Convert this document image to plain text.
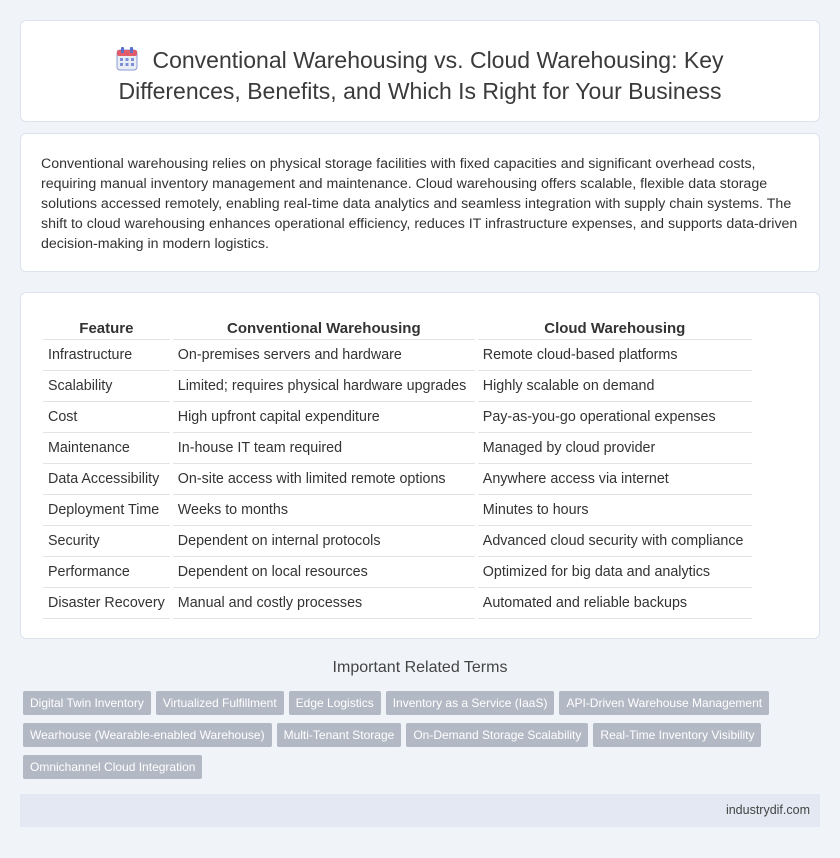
Conventional Warehousing vs. Cloud Warehousing: Key
Differences, Benefits, and Which Is Right for Your Business

Conventional warehousing relies on physical storage facilities with fixed capacities and significant overhead costs, requiring manual inventory management and maintenance. Cloud warehousing offers scalable, flexible data storage solutions accessed remotely, enabling real-time data analytics and seamless integration with supply chain systems. The shift to cloud warehousing enhances operational efficiency, reduces IT infrastructure expenses, and supports data-driven decision-making in modern logistics.

Feature	Conventional Warehousing	Cloud Warehousing
Infrastructure	On-premises servers and hardware	Remote cloud-based platforms
Scalability	Limited; requires physical hardware upgrades	Highly scalable on demand
Cost	High upfront capital expenditure	Pay-as-you-go operational expenses
Maintenance	In-house IT team required	Managed by cloud provider
Data Accessibility	On-site access with limited remote options	Anywhere access via internet
Deployment Time	Weeks to months	Minutes to hours
Security	Dependent on internal protocols	Advanced cloud security with compliance
Performance	Dependent on local resources	Optimized for big data and analytics
Disaster Recovery	Manual and costly processes	Automated and reliable backups
Important Related Terms
Digital Twin Inventory Virtualized Fulfillment Edge Logistics Inventory as a Service (IaaS) API-Driven Warehouse ManagementWearhouse (Wearable-enabled Warehouse) Multi-Tenant Storage On-Demand Storage Scalability Real-Time Inventory VisibilityOmnichannel Cloud Integration
industrydif.com
